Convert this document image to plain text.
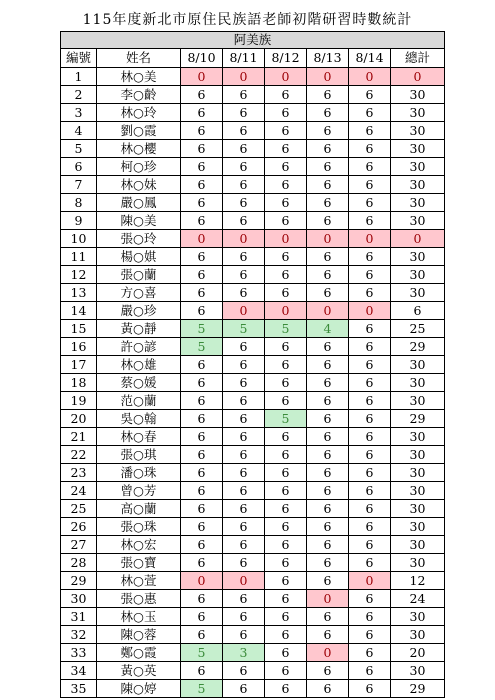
115年度新北市原住民族語老師初階研習時數統計
阿美族							
編號	姓名	8/10	8/11	8/12	8/13	8/14	總計
1	林○美	0	0	0	0	0	0
2	李○齡	6	6	6	6	6	30
3	林○玲	6	6	6	6	6	30
4	劉○霞	6	6	6	6	6	30
5	林○櫻	6	6	6	6	6	30
6	柯○珍	6	6	6	6	6	30
7	林○妹	6	6	6	6	6	30
8	嚴○鳳	6	6	6	6	6	30
9	陳○美	6	6	6	6	6	30
10	張○玲	0	0	0	0	0	0
11	楊○娸	6	6	6	6	6	30
12	張○蘭	6	6	6	6	6	30
13	方○喜	6	6	6	6	6	30
14	嚴○珍	6	0	0	0	0	6
15	黃○靜	5	5	5	4	6	25
16	許○諺	5	6	6	6	6	29
17	林○雄	6	6	6	6	6	30
18	蔡○媛	6	6	6	6	6	30
19	范○蘭	6	6	6	6	6	30
20	吳○翰	6	6	5	6	6	29
21	林○春	6	6	6	6	6	30
22	張○琪	6	6	6	6	6	30
23	潘○珠	6	6	6	6	6	30
24	曾○芳	6	6	6	6	6	30
25	高○蘭	6	6	6	6	6	30
26	張○珠	6	6	6	6	6	30
27	林○宏	6	6	6	6	6	30
28	張○寶	6	6	6	6	6	30
29	林○萱	0	0	6	6	0	12
30	張○惠	6	6	6	0	6	24
31	林○玉	6	6	6	6	6	30
32	陳○蓉	6	6	6	6	6	30
33	鄭○霞	5	3	6	0	6	20
34	黃○英	6	6	6	6	6	30
35	陳○婷	5	6	6	6	6	29
